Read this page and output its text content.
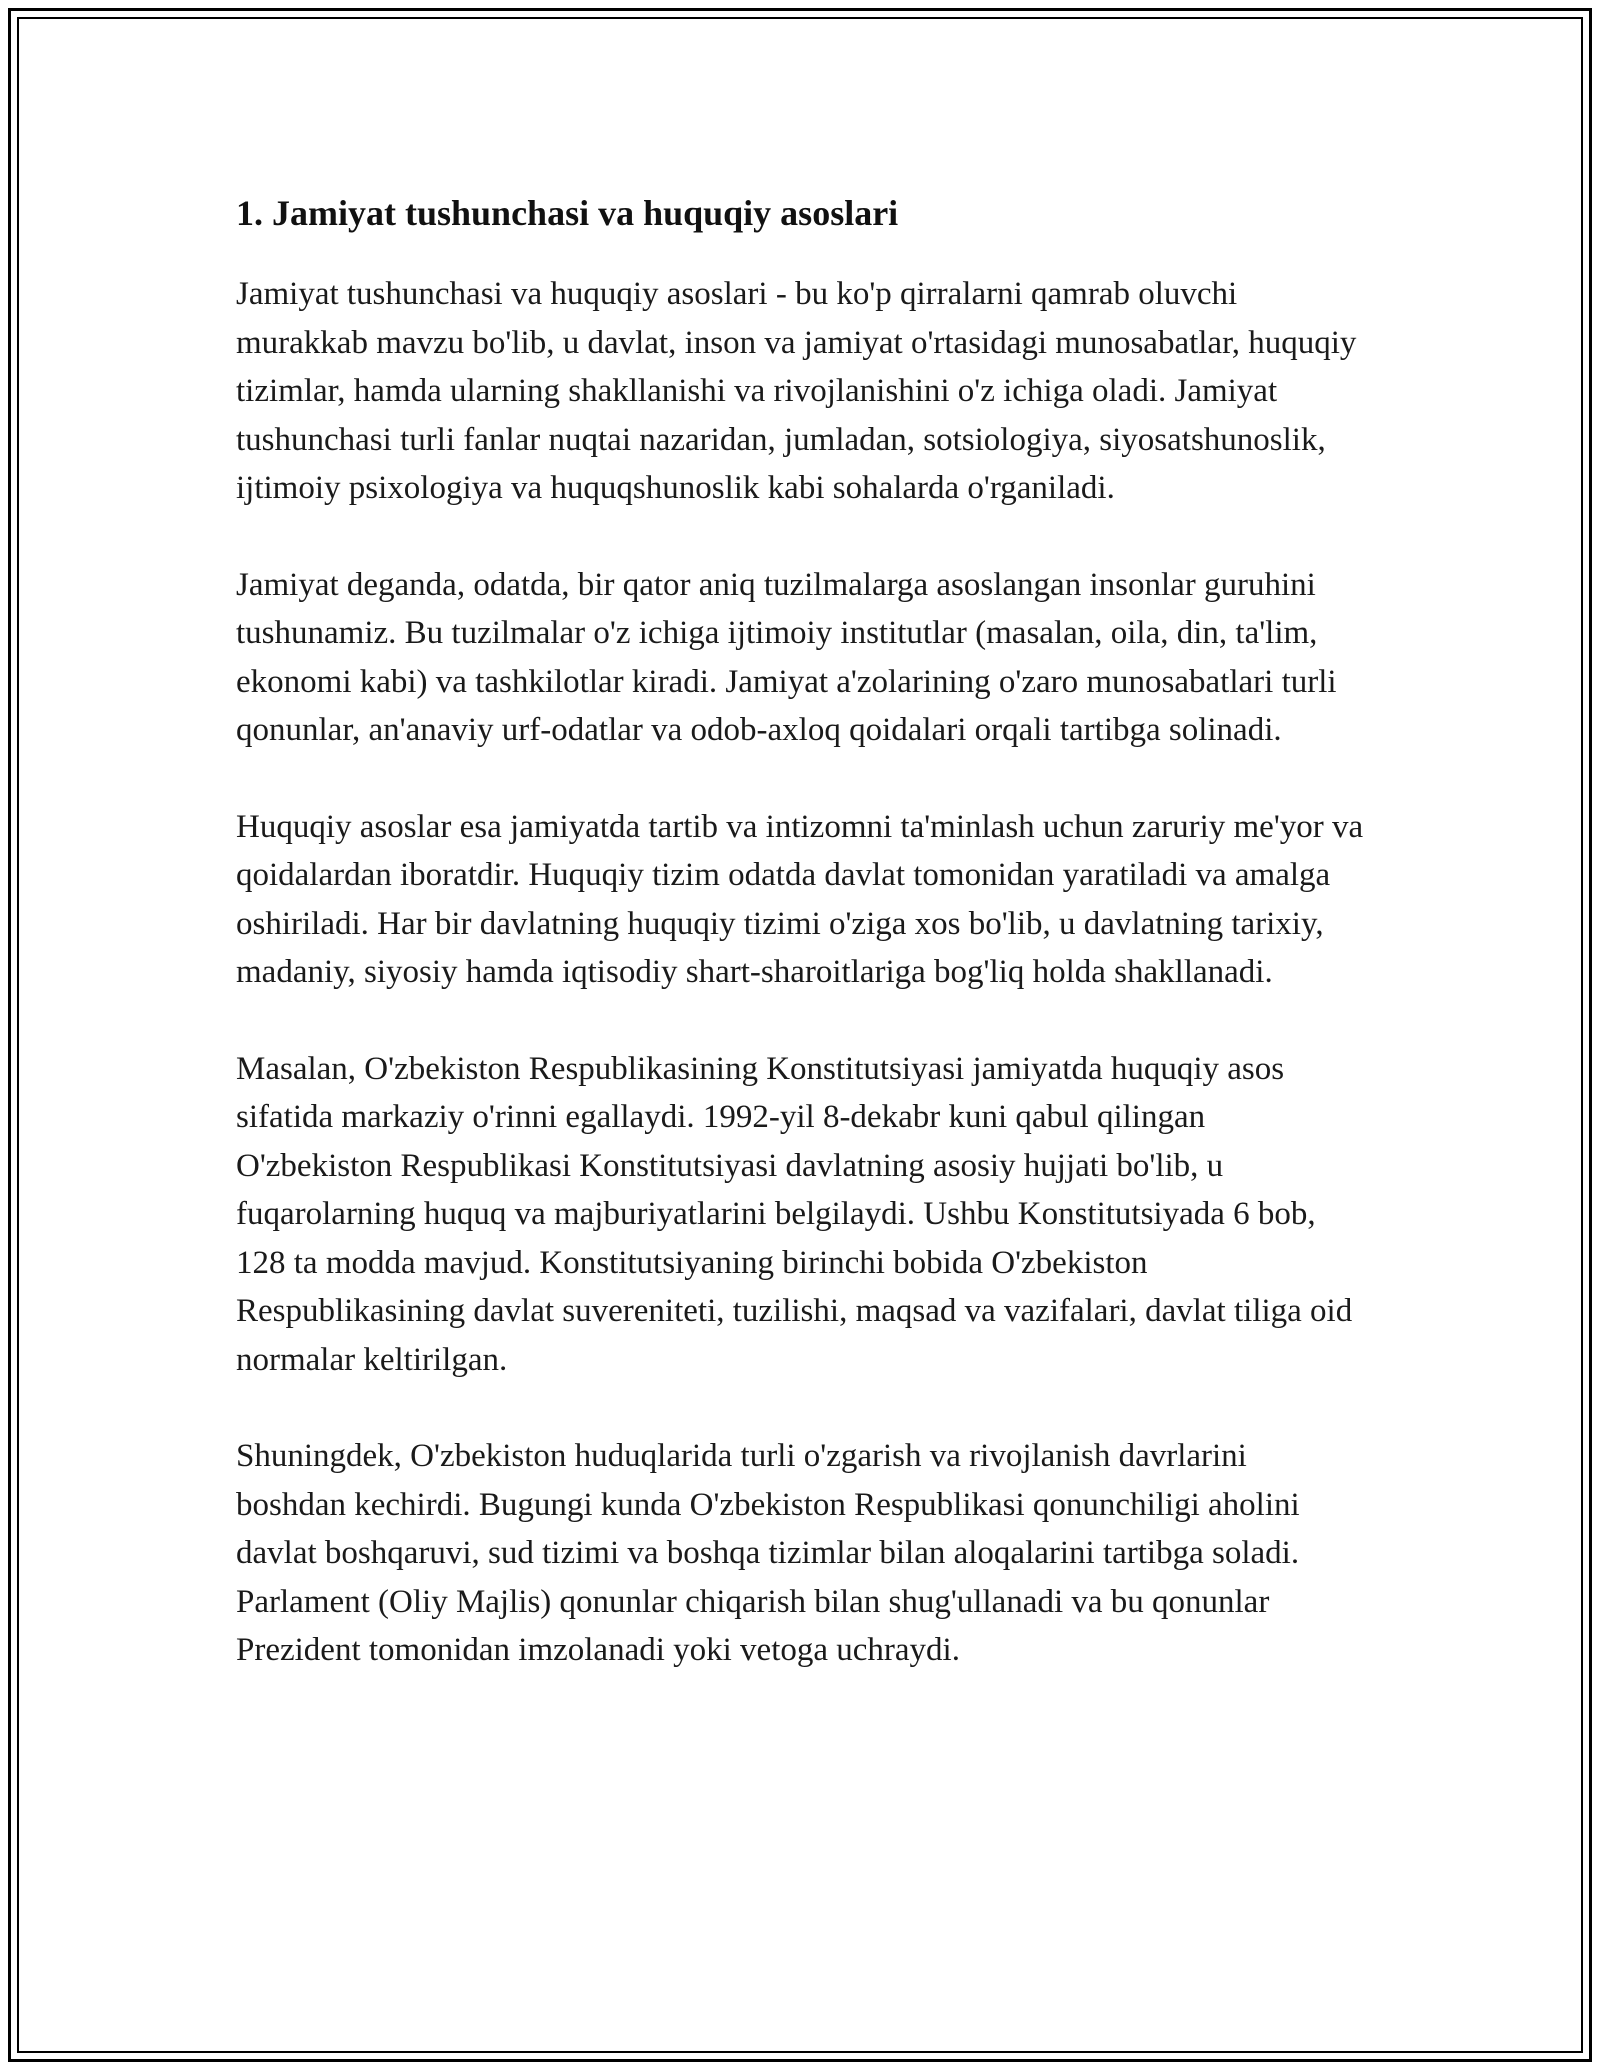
1. Jamiyat tushunchasi va huquqiy asoslari

Jamiyat tushunchasi va huquqiy asoslari - bu ko'p qirralarni qamrab oluvchi murakkab mavzu bo'lib, u davlat, inson va jamiyat o'rtasidagi munosabatlar, huquqiy tizimlar, hamda ularning shakllanishi va rivojlanishini o'z ichiga oladi. Jamiyat tushunchasi turli fanlar nuqtai nazaridan, jumladan, sotsiologiya, siyosatshunoslik, ijtimoiy psixologiya va huquqshunoslik kabi sohalarda o'rganiladi.

Jamiyat deganda, odatda, bir qator aniq tuzilmalarga asoslangan insonlar guruhini tushunamiz. Bu tuzilmalar o'z ichiga ijtimoiy institutlar (masalan, oila, din, ta'lim, ekonomi kabi) va tashkilotlar kiradi. Jamiyat a'zolarining o'zaro munosabatlari turli qonunlar, an'anaviy urf-odatlar va odob-axloq qoidalari orqali tartibga solinadi.

Huquqiy asoslar esa jamiyatda tartib va intizomni ta'minlash uchun zaruriy me'yor va qoidalardan iboratdir. Huquqiy tizim odatda davlat tomonidan yaratiladi va amalga oshiriladi. Har bir davlatning huquqiy tizimi o'ziga xos bo'lib, u davlatning tarixiy, madaniy, siyosiy hamda iqtisodiy shart-sharoitlariga bog'liq holda shakllanadi.

Masalan, O'zbekiston Respublikasining Konstitutsiyasi jamiyatda huquqiy asos sifatida markaziy o'rinni egallaydi. 1992-yil 8-dekabr kuni qabul qilingan O'zbekiston Respublikasi Konstitutsiyasi davlatning asosiy hujjati bo'lib, u fuqarolarning huquq va majburiyatlarini belgilaydi. Ushbu Konstitutsiyada 6 bob, 128 ta modda mavjud. Konstitutsiyaning birinchi bobida O'zbekiston Respublikasining davlat suvereniteti, tuzilishi, maqsad va vazifalari, davlat tiliga oid normalar keltirilgan.

Shuningdek, O'zbekiston huduqlarida turli o'zgarish va rivojlanish davrlarini boshdan kechirdi. Bugungi kunda O'zbekiston Respublikasi qonunchiligi aholini davlat boshqaruvi, sud tizimi va boshqa tizimlar bilan aloqalarini tartibga soladi. Parlament (Oliy Majlis) qonunlar chiqarish bilan shug'ullanadi va bu qonunlar Prezident tomonidan imzolanadi yoki vetoga uchraydi.
